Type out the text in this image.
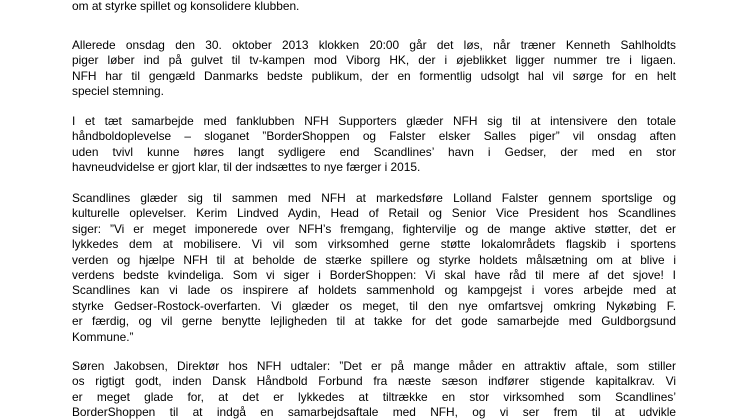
om at styrke spillet og konsolidere klubben.

Allerede onsdag den 30. oktober 2013 klokken 20:00 går det løs, når træner Kenneth Sahlholdts
piger løber ind på gulvet til tv-kampen mod Viborg HK, der i øjeblikket ligger nummer tre i ligaen.
NFH har til gengæld Danmarks bedste publikum, der en formentlig udsolgt hal vil sørge for en helt
speciel stemning.

I et tæt samarbejde med fanklubben NFH Supporters glæder NFH sig til at intensivere den totale
håndboldoplevelse – sloganet ”BorderShoppen og Falster elsker Salles piger” vil onsdag aften
uden tvivl kunne høres langt sydligere end Scandlines’ havn i Gedser, der med en stor
havneudvidelse er gjort klar, til der indsættes to nye færger i 2015.

Scandlines glæder sig til sammen med NFH at markedsføre Lolland Falster gennem sportslige og
kulturelle oplevelser. Kerim Lindved Aydin, Head of Retail og Senior Vice President hos Scandlines
siger: ”Vi er meget imponerede over NFH’s fremgang, fightervilje og de mange aktive støtter, det er
lykkedes dem at mobilisere. Vi vil som virksomhed gerne støtte lokalområdets flagskib i sportens
verden og hjælpe NFH til at beholde de stærke spillere og styrke holdets målsætning om at blive i
verdens bedste kvindeliga. Som vi siger i BorderShoppen: Vi skal have råd til mere af det sjove! I
Scandlines kan vi lade os inspirere af holdets sammenhold og kampgejst i vores arbejde med at
styrke Gedser-Rostock-overfarten. Vi glæder os meget, til den nye omfartsvej omkring Nykøbing F.
er færdig, og vil gerne benytte lejligheden til at takke for det gode samarbejde med Guldborgsund
Kommune.”

Søren Jakobsen, Direktør hos NFH udtaler: ”Det er på mange måder en attraktiv aftale, som stiller
os rigtigt godt, inden Dansk Håndbold Forbund fra næste sæson indfører stigende kapitalkrav. Vi
er meget glade for, at det er lykkedes at tiltrække en stor virksomhed som Scandlines’
BorderShoppen til at indgå en samarbejdsaftale med NFH, og vi ser frem til at udvikle
